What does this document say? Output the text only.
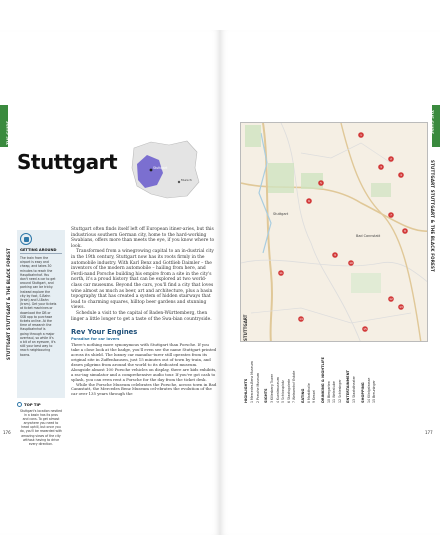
THE GUIDE
STUTTGART STUTTGART & THE BLACK FOREST
Stuttgart	Stuttgart
Munich
GETTING AROUND
The train from the
airport is easy and
cheap, and takes 30
minutes to reach the
Hauptbahnhof. You
don't need a car to get
around Stuttgart, and
parking can be tricky.
Instead explore the
city by foot, S-Bahn
(train) and U-Bahn
(tram). Get your tickets
at ticket machines or
download the DB or
SSB app to purchase
tickets online. At the
time of research the
Hauptbahnhof is
going through a major
overhaul, so while it's
a bit of an eyesore, it's
still your best way to
reach neighbouring
towns.
TOP TIP
Stuttgart's location nestled
in a basin has its pros
and cons. To get almost
anywhere you need to
head uphill, but once you
do, you'll be rewarded with
amazing views of the city
without having to drive
every direction.

Stuttgart often finds itself left off European itiner-aries, but this industrious southern German city, home to the hard-working Swabians, offers more than meets the eye, if you know where to look.

Transformed from a winegrowing capital to an in-dustrial city in the 19th century, Stuttgart now has its roots firmly in the automobile industry. With Karl Benz and Gottlieb Daimler – the inventors of the modern automobile – hailing from here, and Ferdi-nand Porsche building his empire from a site in the city's north, it's a proud history that can be explored at two world-class car museums. Beyond the cars, you'll find a city that loves wine almost as much as beer, art and architecture, plus a basin topography that has created a system of hidden stairways that lead to charming squares, hilltop beer gardens and stunning views.

Schedule a visit to the capital of Baden-Württemberg, then linger a little longer to get a taste of the Swa-bian countryside.

Rev Your Engines
Paradise for car lovers

There's nothing more synonymous with Stuttgart than Porsche. If you take a close look at the badge, you'll even see the name Stuttgart printed across its shield. The luxury car manufac-turer still operates from its original site in Zuffenhausen, just 15 minutes out of town by train, and draws pilgrims from around the world to its dedicated museum. Alongside almost 100 Porsche vehicles on display, there are kids exhibits, a rac-ing simulator and a comprehensive audio tour. If you've got cash to splash, you can even rent a Porsche for the day from the ticket desk.

While the Porsche Museum celebrates the Porsche, across town in Bad Cannstatt, the Mercedes Benz Museum cel-ebrates the evolution of the car over 135 years through the

176
THE GUIDE
STUTTGART STUTTGART & THE BLACK FOREST
177
Stuttgart
Bad Cannstatt
1
2
3
4
5
6
7
8
9
10
11
12
13
14
15
STUTTGART
HIGHLIGHTS 1 Mercedes-Benz Museum 2 Porsche Museum SIGHTS 3 Killesberg Tower 4 Kunstmuseum 5 Schlossplatz 6 Staatsgalerie 7 Weissenhof Estate EATING 8 Markthalle 9 Kessel DRINKING & NIGHTLIFE 10 Biergarten 11 Weinstube 12 Schlesinger ENTERTAINMENT 13 Staatstheater SHOPPING 14 Königstrasse 15 Breuninger
